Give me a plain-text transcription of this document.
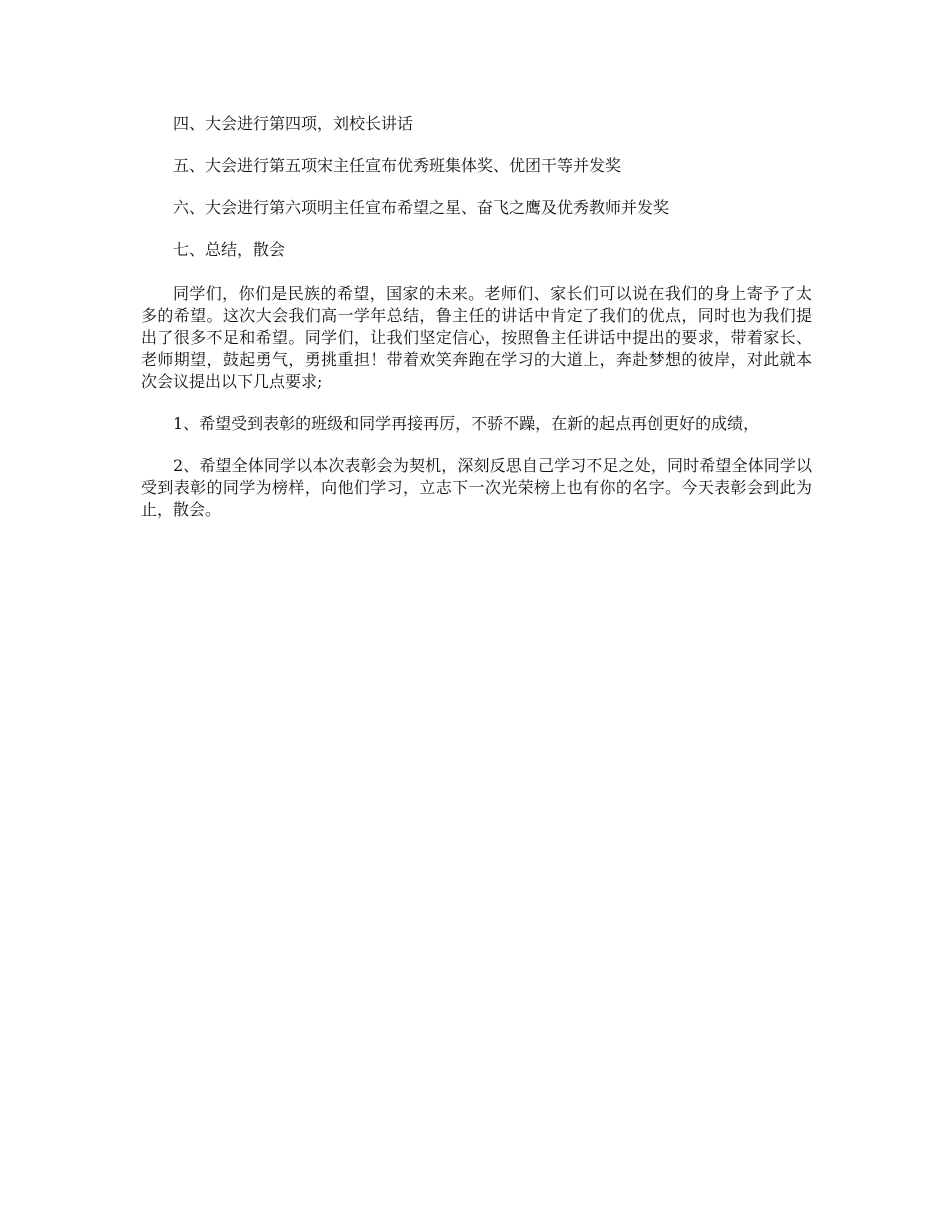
四、大会进行第四项，刘校长讲话

五、大会进行第五项宋主任宣布优秀班集体奖、优团干等并发奖

六、大会进行第六项明主任宣布希望之星、奋飞之鹰及优秀教师并发奖

七、总结，散会

同学们，你们是民族的希望，国家的未来。老师们、家长们可以说在我们的身上寄予了太多的希望。这次大会我们高一学年总结，鲁主任的讲话中肯定了我们的优点，同时也为我们提出了很多不足和希望。同学们，让我们坚定信心，按照鲁主任讲话中提出的要求，带着家长、老师期望，鼓起勇气，勇挑重担！带着欢笑奔跑在学习的大道上，奔赴梦想的彼岸，对此就本次会议提出以下几点要求;

1、希望受到表彰的班级和同学再接再厉，不骄不躁，在新的起点再创更好的成绩，

2、希望全体同学以本次表彰会为契机，深刻反思自己学习不足之处，同时希望全体同学以受到表彰的同学为榜样，向他们学习，立志下一次光荣榜上也有你的名字。今天表彰会到此为止，散会。
